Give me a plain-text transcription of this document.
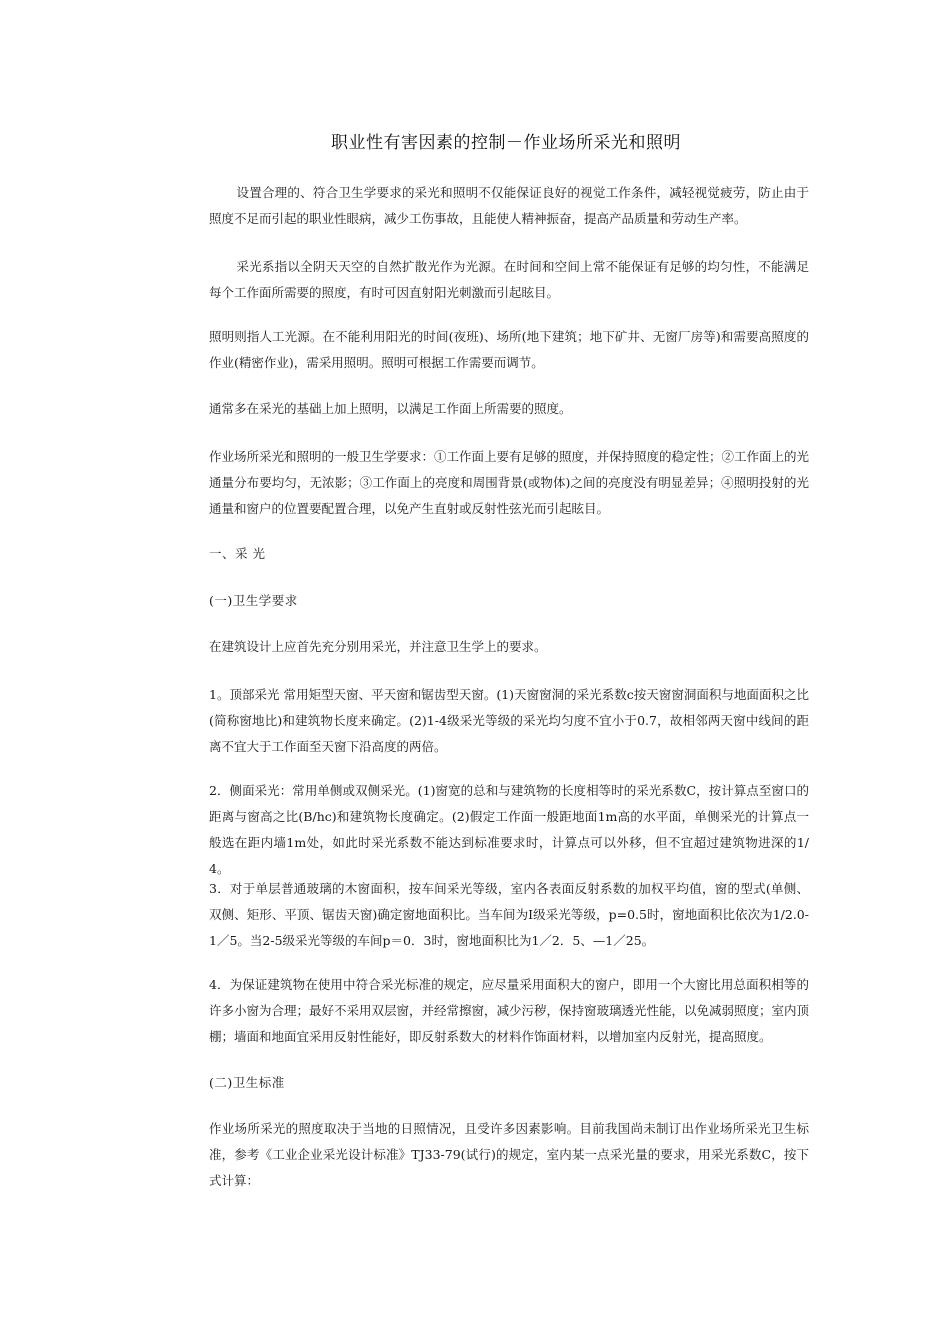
职业性有害因素的控制－作业场所采光和照明

设置合理的、符合卫生学要求的采光和照明不仅能保证良好的视觉工作条件，减轻视觉疲劳，防止由于照度不足而引起的职业性眼病，减少工伤事故，且能使人精神振奋，提高产品质量和劳动生产率。

采光系指以全阴天天空的自然扩散光作为光源。在时间和空间上常不能保证有足够的均匀性，不能满足每个工作面所需要的照度，有时可因直射阳光刺激而引起眩目。

照明则指人工光源。在不能利用阳光的时间(夜班)、场所(地下建筑；地下矿井、无窗厂房等)和需要高照度的作业(精密作业)，需采用照明。照明可根据工作需要而调节。

通常多在采光的基础上加上照明，以满足工作面上所需要的照度。

作业场所采光和照明的一般卫生学要求：①工作面上要有足够的照度，并保持照度的稳定性；②工作面上的光通量分布要均匀，无浓影；③工作面上的亮度和周围背景(或物体)之间的亮度没有明显差异；④照明投射的光通量和窗户的位置要配置合理，以免产生直射或反射性弦光而引起眩目。

一、采 光

(一)卫生学要求

在建筑设计上应首先充分别用采光，并注意卫生学上的要求。

1。顶部采光 常用矩型天窗、平天窗和锯齿型天窗。(1)天窗窗洞的采光系数c按天窗窗洞面积与地面面积之比(简称窗地比)和建筑物长度来确定。(2)1-4级采光等级的采光均匀度不宜小于0.7，故相邻两天窗中线间的距离不宜大于工作面至天窗下沿高度的两倍。

2．侧面采光：常用单侧或双侧采光。(1)窗宽的总和与建筑物的长度相等时的采光系数C，按计算点至窗口的距离与窗高之比(B/hc)和建筑物长度确定。(2)假定工作面一般距地面1m高的水平面，单侧采光的计算点一般选在距内墙1m处，如此时采光系数不能达到标准要求时，计算点可以外移，但不宜超过建筑物进深的1/4。

3．对于单层普通玻璃的木窗面积，按车间采光等级，室内各表面反射系数的加权平均值，窗的型式(单侧、双侧、矩形、平顶、锯齿天窗)确定窗地面积比。当车间为Ⅰ级采光等级，p=0.5时，窗地面积比依次为1/2.0-1／5。当2-5级采光等级的车间p＝0．3时，窗地面积比为1／2．5、—1／25。

4．为保证建筑物在使用中符合采光标准的规定，应尽量采用面积大的窗户，即用一个大窗比用总面积相等的许多小窗为合理；最好不采用双层窗，并经常擦窗，减少污秽，保持窗玻璃透光性能，以免减弱照度；室内顶棚；墙面和地面宜采用反射性能好，即反射系数大的材料作饰面材料，以增加室内反射光，提高照度。

(二)卫生标准

作业场所采光的照度取决于当地的日照情况，且受许多因素影响。目前我国尚未制订出作业场所采光卫生标准，参考《工业企业采光设计标准》TJ33-79(试行)的规定，室内某一点采光量的要求，用采光系数C，按下式计算：
